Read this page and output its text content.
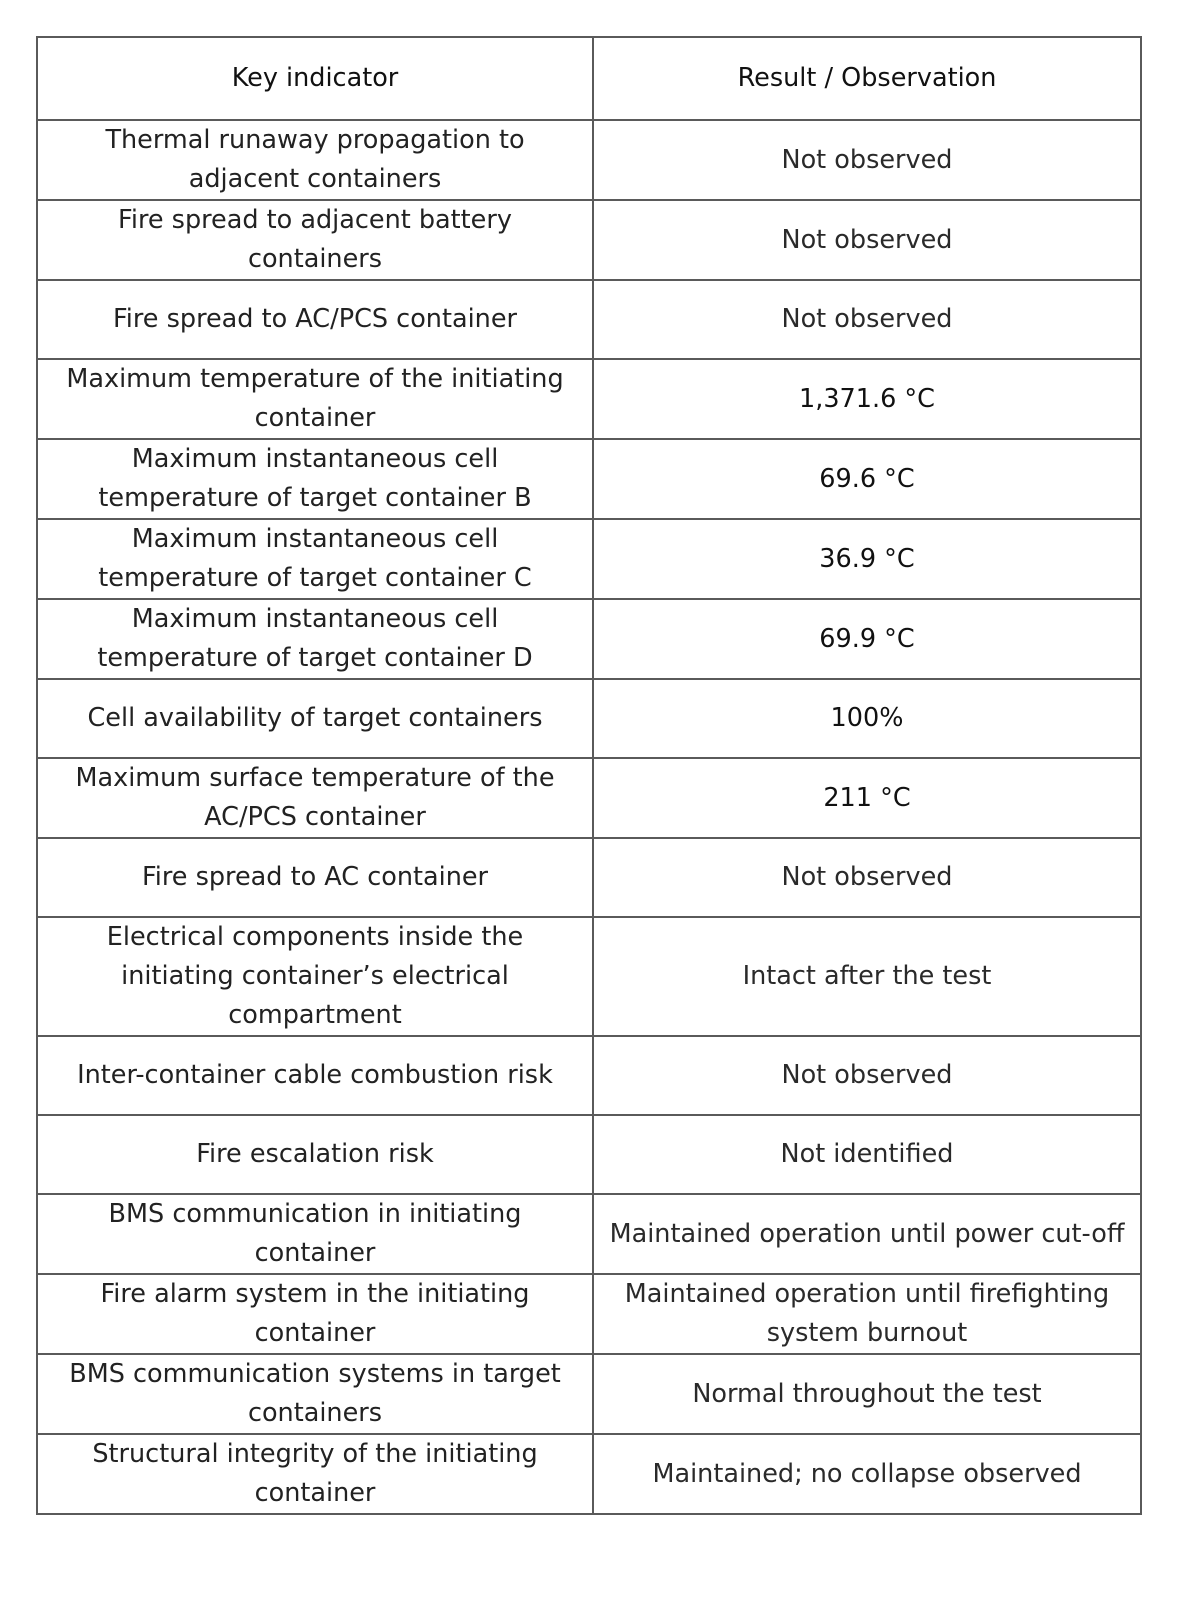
Key indicator	Result / Observation
Thermal runaway propagation to adjacent containers	Not observed
Fire spread to adjacent battery containers	Not observed
Fire spread to AC/PCS container	Not observed
Maximum temperature of the initiating container	1,371.6 °C
Maximum instantaneous cell temperature of target container B	69.6 °C
Maximum instantaneous cell temperature of target container C	36.9 °C
Maximum instantaneous cell temperature of target container D	69.9 °C
Cell availability of target containers	100%
Maximum surface temperature of the AC/PCS container	211 °C
Fire spread to AC container	Not observed
Electrical components inside the initiating container’s electrical compartment	Intact after the test
Inter-container cable combustion risk	Not observed
Fire escalation risk	Not identified
BMS communication in initiating container	Maintained operation until power cut-off
Fire alarm system in the initiating container	Maintained operation until firefighting system burnout
BMS communication systems in target containers	Normal throughout the test
Structural integrity of the initiating container	Maintained; no collapse observed
